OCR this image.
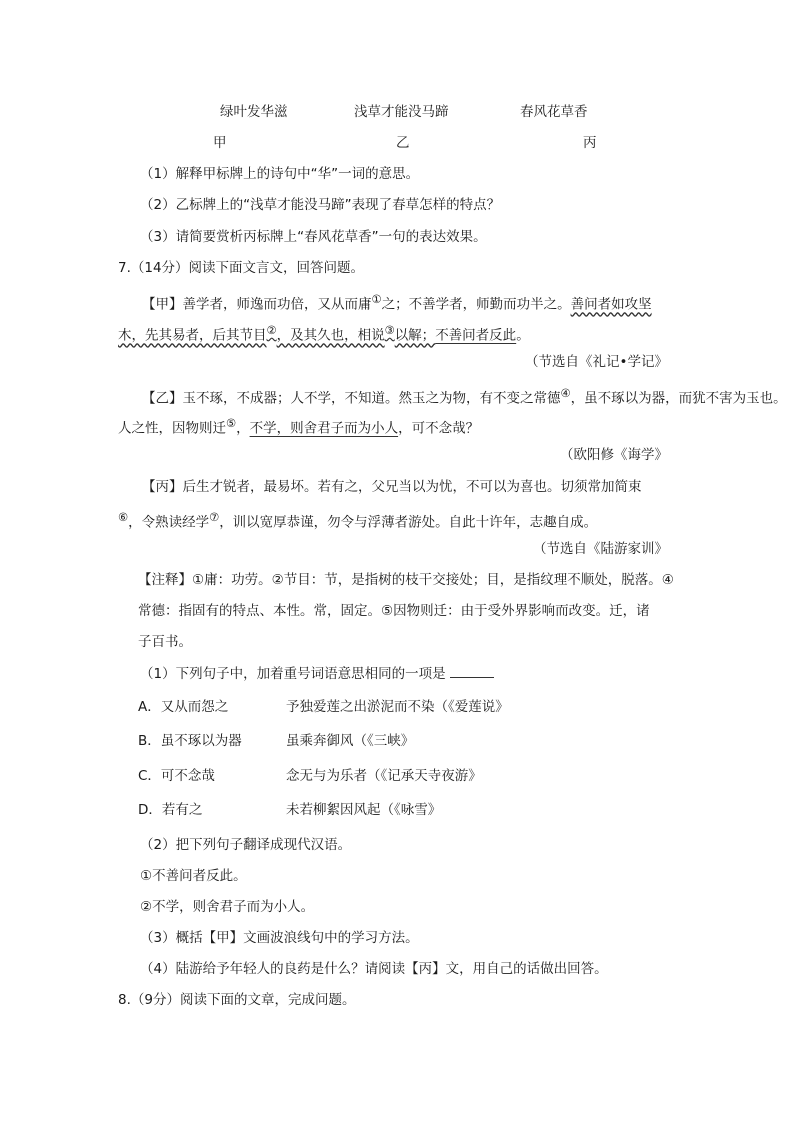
绿叶发华滋	浅草才能没马蹄	春风花草香
甲	乙	丙
（1）解释甲标牌上的诗句中“华”一词的意思。
（2）乙标牌上的“浅草才能没马蹄”表现了春草怎样的特点？
（3）请简要赏析丙标牌上“春风花草香”一句的表达效果。
7.（14分）阅读下面文言文，回答问题。
【甲】善学者，师逸而功倍，又从而庸①之；不善学者，师勤而功半之。善问者如攻坚
木，先其易者，后其节目②，及其久也，相说③以解；不善问者反此。
（节选自《礼记•学记》
【乙】玉不琢，不成器；人不学，不知道。然玉之为物，有不变之常德④，虽不琢以为器，而犹不害为玉也。
人之性，因物则迁⑤，不学，则舍君子而为小人，可不念哉？
（欧阳修《诲学》
【丙】后生才锐者，最易坏。若有之，父兄当以为忧，不可以为喜也。切须常加简束
⑥，令熟读经学⑦，训以宽厚恭谨，勿令与浮薄者游处。自此十许年，志趣自成。
（节选自《陆游家训》
【注释】①庸：功劳。②节目：节，是指树的枝干交接处；目，是指纹理不顺处，脱落。④
常德：指固有的特点、本性。常，固定。⑤因物则迁：由于受外界影响而改变。迁，诸
子百书。
（1）下列句子中，加着重号词语意思相同的一项是
A．又从而怨之	予独爱莲之出淤泥而不染（《爱莲说》
B．虽不琢以为器	虽乘奔御风（《三峡》
C．可不念哉	念无与为乐者（《记承天寺夜游》
D．若有之	未若柳絮因风起（《咏雪》
（2）把下列句子翻译成现代汉语。
①不善问者反此。
②不学，则舍君子而为小人。
（3）概括【甲】文画波浪线句中的学习方法。
（4）陆游给予年轻人的良药是什么？请阅读【丙】文，用自己的话做出回答。
8.（9分）阅读下面的文章，完成问题。
